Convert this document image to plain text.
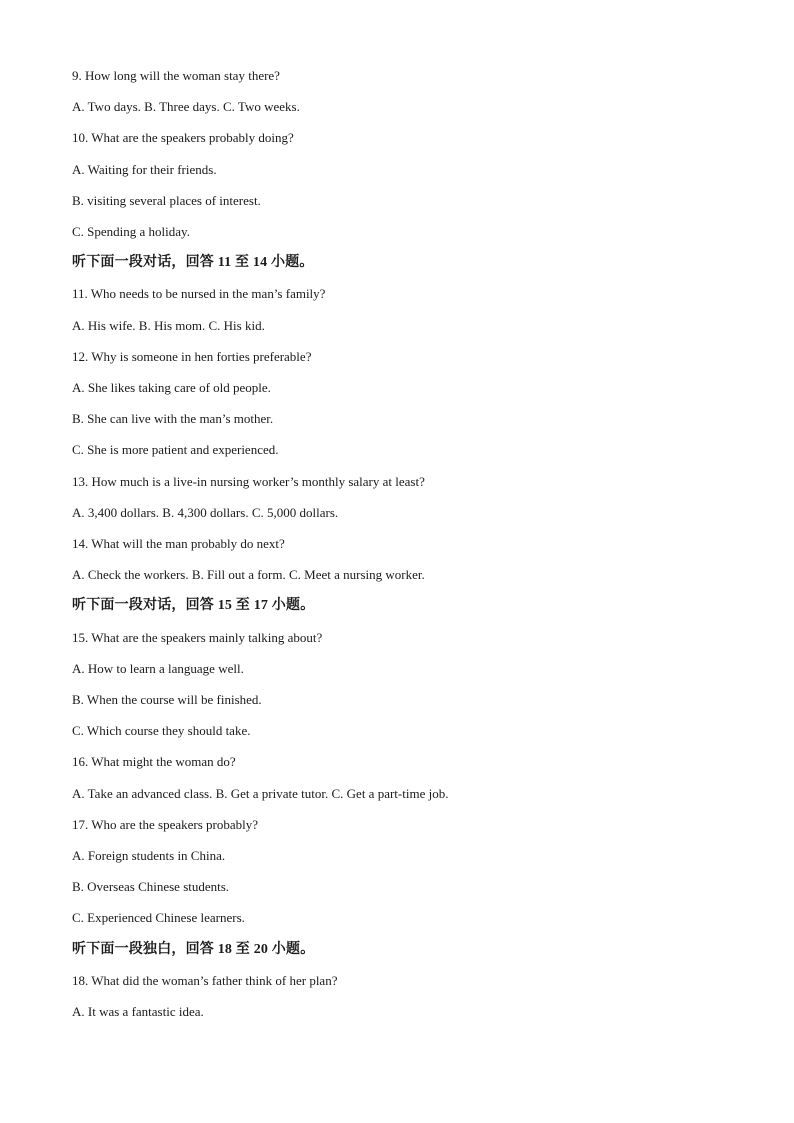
9. How long will the woman stay there?
A. Two days. B. Three days. C. Two weeks.
10. What are the speakers probably doing?
A. Waiting for their friends.
B. visiting several places of interest.
C. Spending a holiday.
听下面一段对话，回答 11 至 14 小题。
11. Who needs to be nursed in the man’s family?
A. His wife. B. His mom. C. His kid.
12. Why is someone in hen forties preferable?
A. She likes taking care of old people.
B. She can live with the man’s mother.
C. She is more patient and experienced.
13. How much is a live-in nursing worker’s monthly salary at least?
A. 3,400 dollars. B. 4,300 dollars. C. 5,000 dollars.
14. What will the man probably do next?
A. Check the workers. B. Fill out a form. C. Meet a nursing worker.
听下面一段对话，回答 15 至 17 小题。
15. What are the speakers mainly talking about?
A. How to learn a language well.
B. When the course will be finished.
C. Which course they should take.
16. What might the woman do?
A. Take an advanced class. B. Get a private tutor. C. Get a part-time job.
17. Who are the speakers probably?
A. Foreign students in China.
B. Overseas Chinese students.
C. Experienced Chinese learners.
听下面一段独白，回答 18 至 20 小题。
18. What did the woman’s father think of her plan?
A. It was a fantastic idea.
